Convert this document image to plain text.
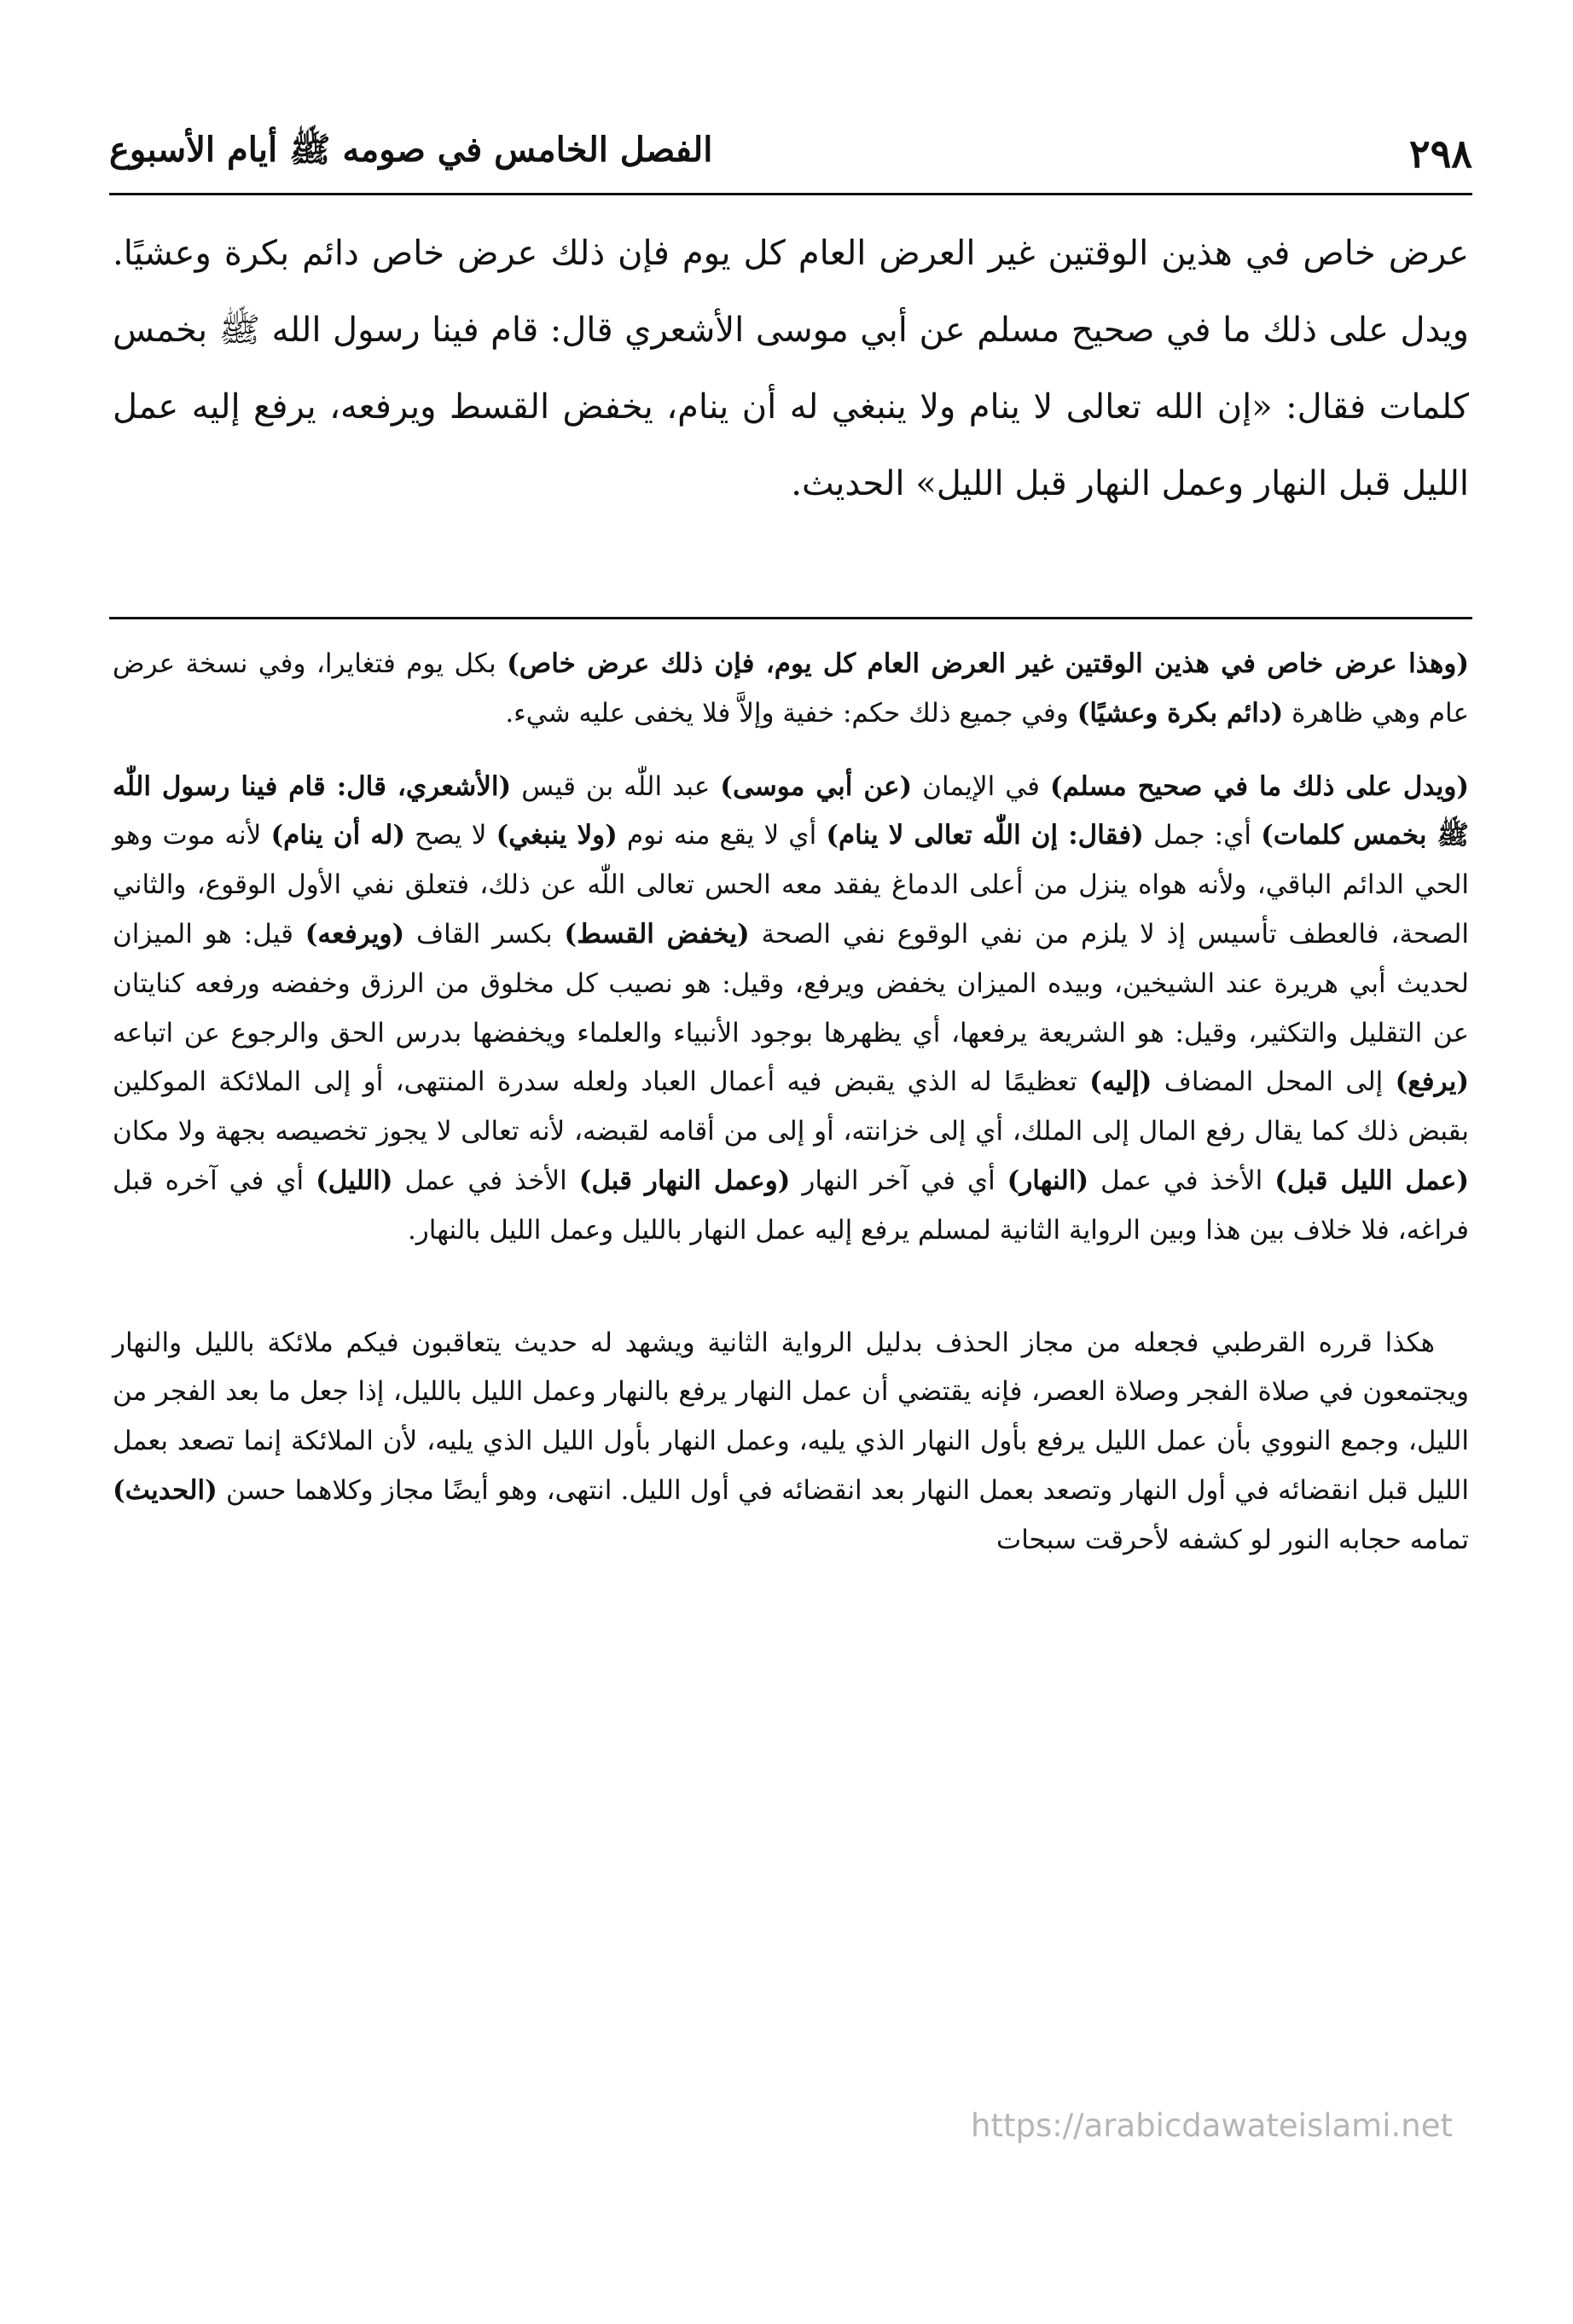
٢٩٨
الفصل الخامس في صومه ﷺ أيام الأسبوع
عرض خاص في هذين الوقتين غير العرض العام كل يوم فإن ذلك عرض خاص دائم بكرة وعشيًا. ويدل على ذلك ما في صحيح مسلم عن أبي موسى الأشعري قال: قام فينا رسول الله ﷺ بخمس كلمات فقال: «إن الله تعالى لا ينام ولا ينبغي له أن ينام، يخفض القسط ويرفعه، يرفع إليه عمل الليل قبل النهار وعمل النهار قبل الليل» الحديث.

(وهذا عرض خاص في هذين الوقتين غير العرض العام كل يوم، فإن ذلك عرض خاص) بكل يوم فتغايرا، وفي نسخة عرض عام وهي ظاهرة (دائم بكرة وعشيًا) وفي جميع ذلك حكم: خفية وإلاَّ فلا يخفى عليه شيء.

(ويدل على ذلك ما في صحيح مسلم) في الإيمان (عن أبي موسى) عبد اللّٰه بن قيس (الأشعري، قال: قام فينا رسول اللّٰه ﷺ بخمس كلمات) أي: جمل (فقال: إن اللّٰه تعالى لا ينام) أي لا يقع منه نوم (ولا ينبغي) لا يصح (له أن ينام) لأنه موت وهو الحي الدائم الباقي، ولأنه هواه ينزل من أعلى الدماغ يفقد معه الحس تعالى اللّٰه عن ذلك، فتعلق نفي الأول الوقوع، والثاني الصحة، فالعطف تأسيس إذ لا يلزم من نفي الوقوع نفي الصحة (يخفض القسط) بكسر القاف (ويرفعه) قيل: هو الميزان لحديث أبي هريرة عند الشيخين، وبيده الميزان يخفض ويرفع، وقيل: هو نصيب كل مخلوق من الرزق وخفضه ورفعه كنايتان عن التقليل والتكثير، وقيل: هو الشريعة يرفعها، أي يظهرها بوجود الأنبياء والعلماء ويخفضها بدرس الحق والرجوع عن اتباعه (يرفع) إلى المحل المضاف (إليه) تعظيمًا له الذي يقبض فيه أعمال العباد ولعله سدرة المنتهى، أو إلى الملائكة الموكلين بقبض ذلك كما يقال رفع المال إلى الملك، أي إلى خزانته، أو إلى من أقامه لقبضه، لأنه تعالى لا يجوز تخصيصه بجهة ولا مكان (عمل الليل قبل) الأخذ في عمل (النهار) أي في آخر النهار (وعمل النهار قبل) الأخذ في عمل (الليل) أي في آخره قبل فراغه، فلا خلاف بين هذا وبين الرواية الثانية لمسلم يرفع إليه عمل النهار بالليل وعمل الليل بالنهار.

هكذا قرره القرطبي فجعله من مجاز الحذف بدليل الرواية الثانية ويشهد له حديث يتعاقبون فيكم ملائكة بالليل والنهار ويجتمعون في صلاة الفجر وصلاة العصر، فإنه يقتضي أن عمل النهار يرفع بالنهار وعمل الليل بالليل، إذا جعل ما بعد الفجر من الليل، وجمع النووي بأن عمل الليل يرفع بأول النهار الذي يليه، وعمل النهار بأول الليل الذي يليه، لأن الملائكة إنما تصعد بعمل الليل قبل انقضائه في أول النهار وتصعد بعمل النهار بعد انقضائه في أول الليل. انتهى، وهو أيضًا مجاز وكلاهما حسن (الحديث) تمامه حجابه النور لو كشفه لأحرقت سبحات

https://arabicdawateislami.net
